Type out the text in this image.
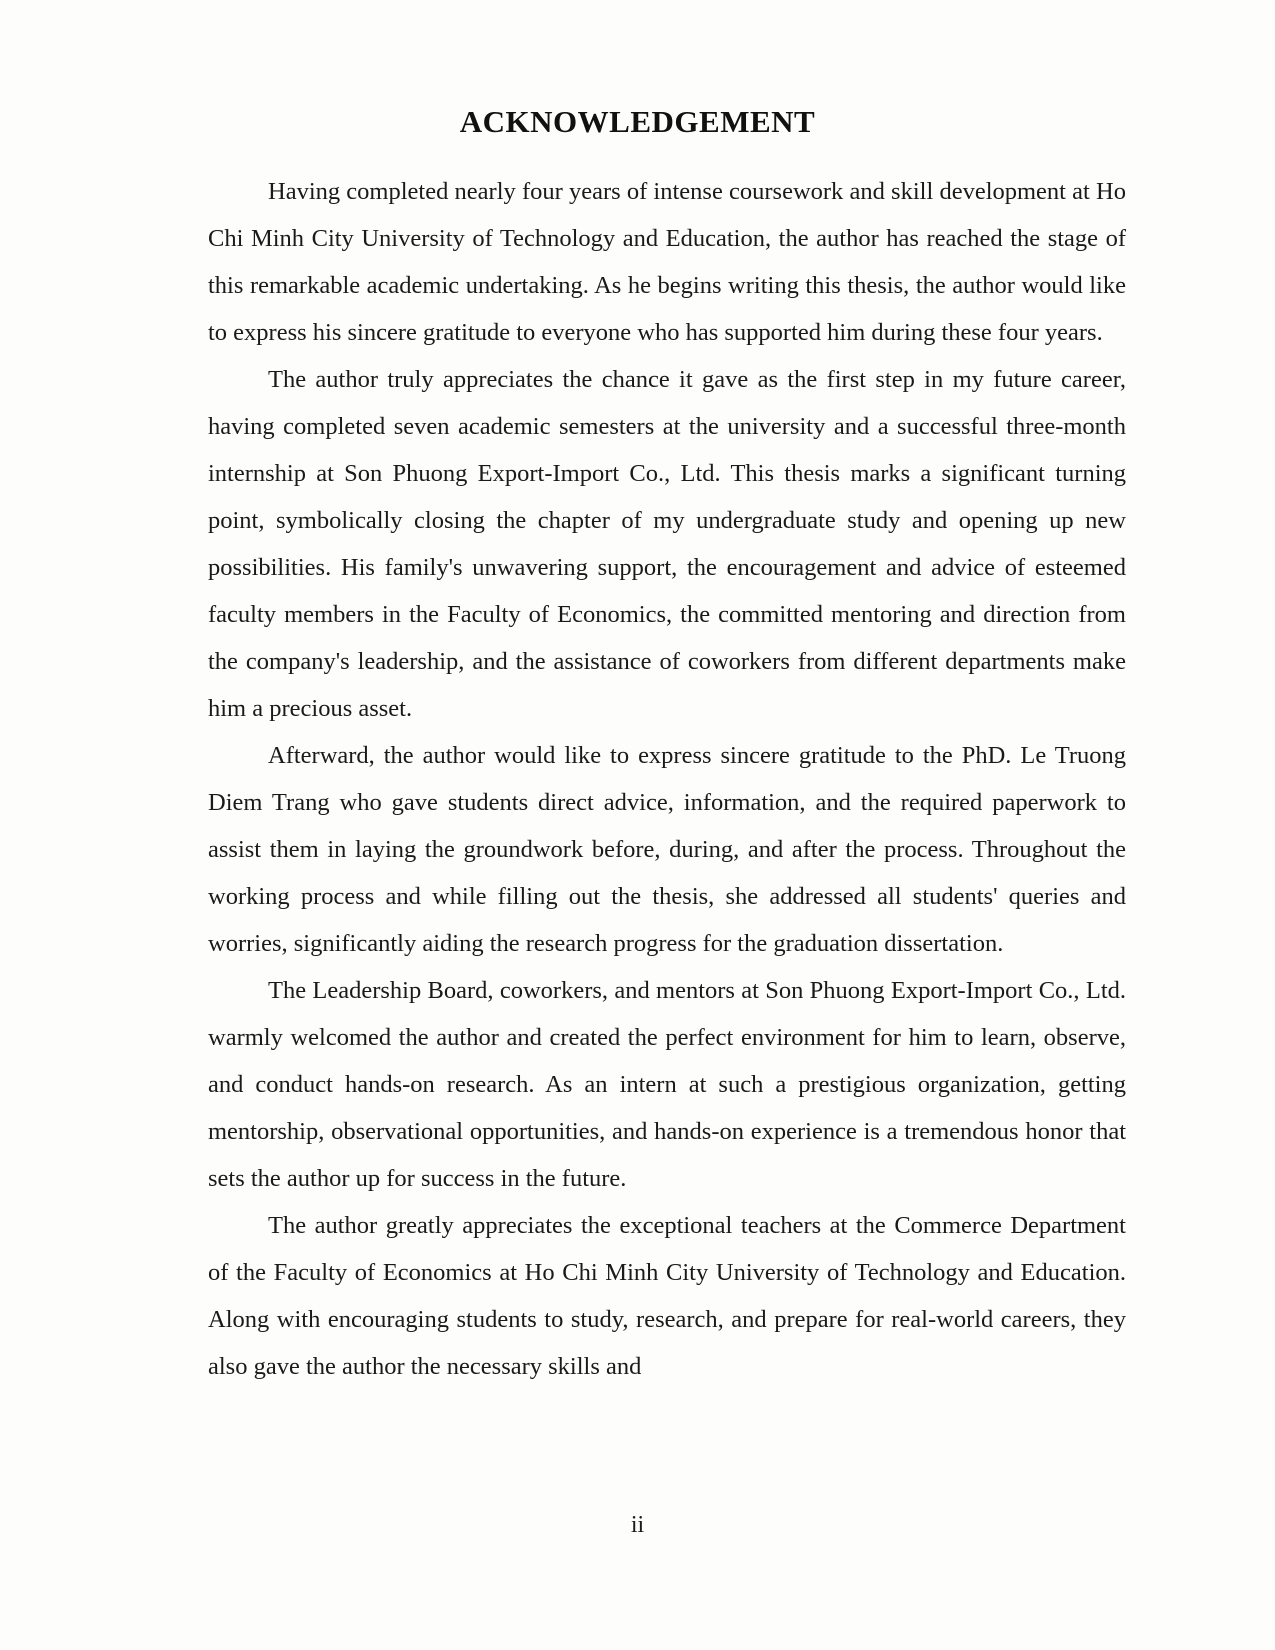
ACKNOWLEDGEMENT

Having completed nearly four years of intense coursework and skill development at Ho Chi Minh City University of Technology and Education, the author has reached the stage of this remarkable academic undertaking. As he begins writing this thesis, the author would like to express his sincere gratitude to everyone who has supported him during these four years.

The author truly appreciates the chance it gave as the first step in my future career, having completed seven academic semesters at the university and a successful three-month internship at Son Phuong Export-Import Co., Ltd. This thesis marks a significant turning point, symbolically closing the chapter of my undergraduate study and opening up new possibilities. His family's unwavering support, the encouragement and advice of esteemed faculty members in the Faculty of Economics, the committed mentoring and direction from the company's leadership, and the assistance of coworkers from different departments make him a precious asset.

Afterward, the author would like to express sincere gratitude to the PhD. Le Truong Diem Trang who gave students direct advice, information, and the required paperwork to assist them in laying the groundwork before, during, and after the process. Throughout the working process and while filling out the thesis, she addressed all students' queries and worries, significantly aiding the research progress for the graduation dissertation.

The Leadership Board, coworkers, and mentors at Son Phuong Export-Import Co., Ltd. warmly welcomed the author and created the perfect environment for him to learn, observe, and conduct hands-on research. As an intern at such a prestigious organization, getting mentorship, observational opportunities, and hands-on experience is a tremendous honor that sets the author up for success in the future.

The author greatly appreciates the exceptional teachers at the Commerce Department of the Faculty of Economics at Ho Chi Minh City University of Technology and Education. Along with encouraging students to study, research, and prepare for real-world careers, they also gave the author the necessary skills and

ii
